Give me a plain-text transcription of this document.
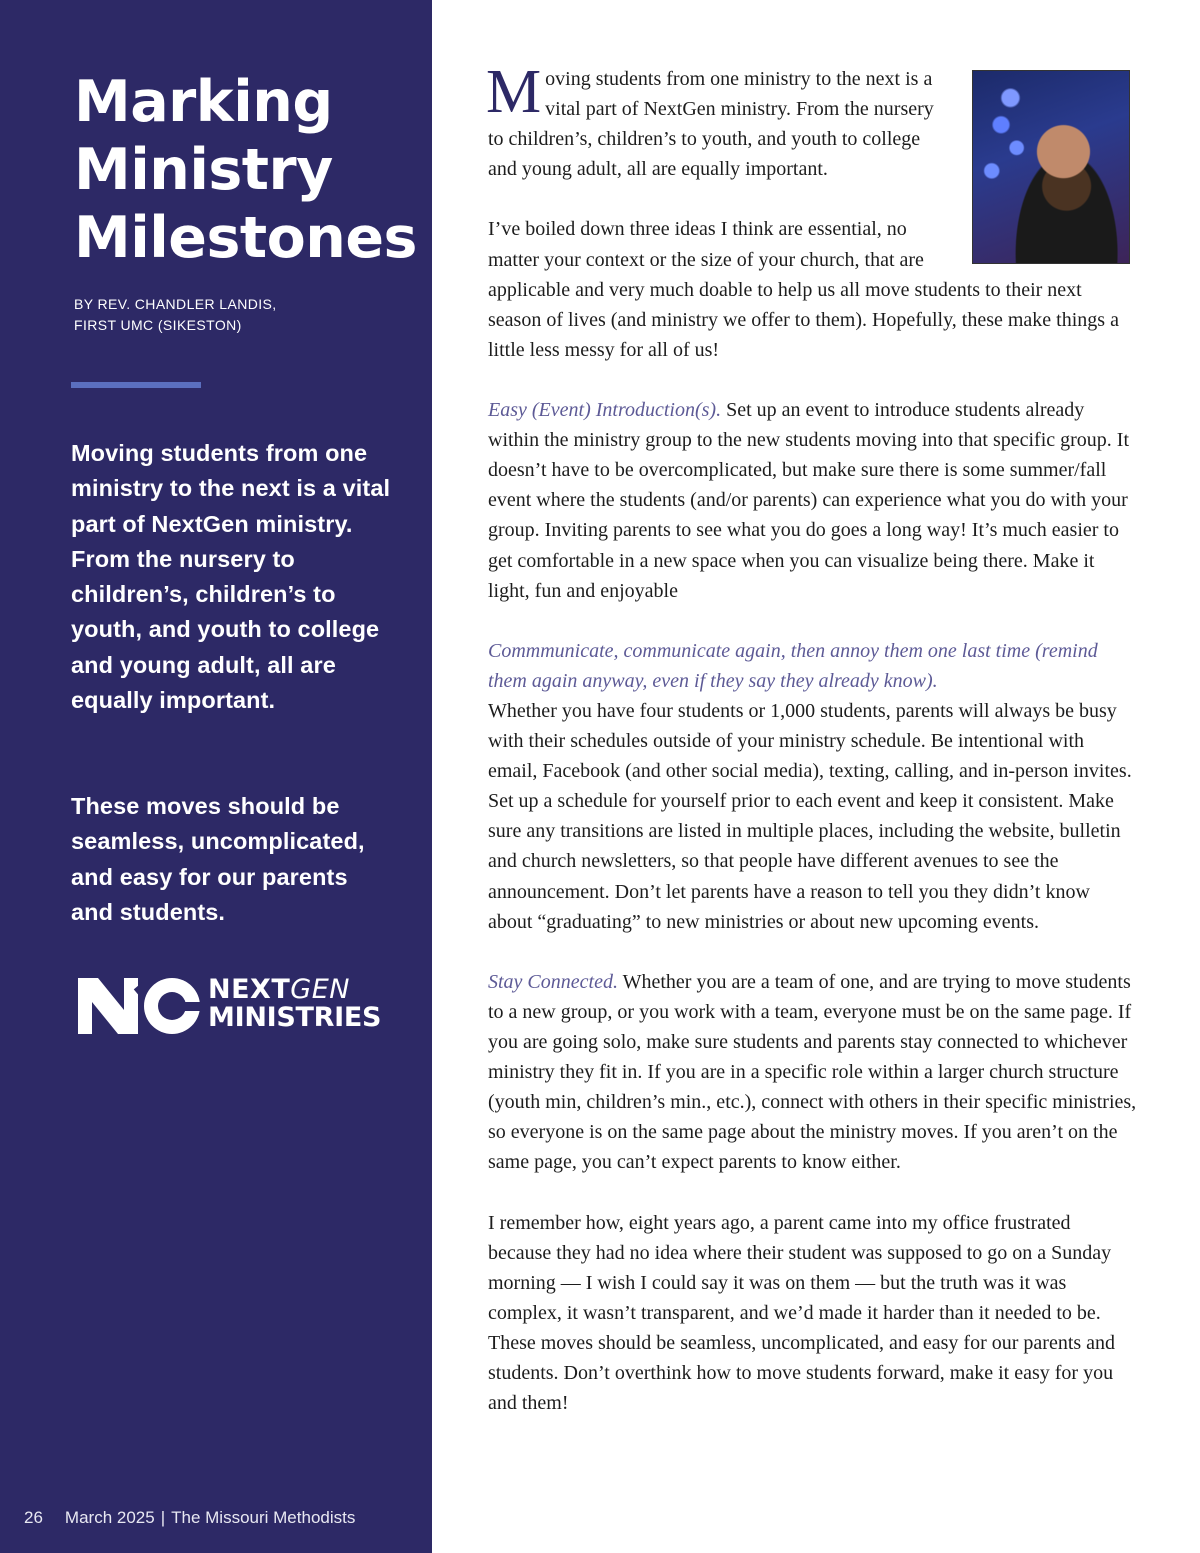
Marking
Ministry
Milestones
BY REV. CHANDLER LANDIS,
FIRST UMC (SIKESTON)
Moving students from one ministry to the next is a vital part of NextGen ministry. From the nursery to children’s, children’s to youth, and youth to college and young adult, all are equally important.
These moves should be seamless, uncomplicated, and easy for our parents and students.
NEXTGEN
MINISTRIES
26 March 2025 | The Missouri Methodists

Moving students from one ministry to the next is a vital part of NextGen ministry. From the nursery to children’s, children’s to youth, and youth to college and young adult, all are equally important.

I’ve boiled down three ideas I think are essential, no matter your context or the size of your church, that are applicable and very much doable to help us all move students to their next season of lives (and ministry we offer to them). Hopefully, these make things a little less messy for all of us!

Easy (Event) Introduction(s). Set up an event to introduce students already within the ministry group to the new students moving into that specific group. It doesn’t have to be overcomplicated, but make sure there is some summer/fall event where the students (and/or parents) can experience what you do with your group. Inviting parents to see what you do goes a long way! It’s much easier to get comfortable in a new space when you can visualize being there. Make it light, fun and enjoyable

Commmunicate, communicate again, then annoy them one last time (remind them again anyway, even if they say they already know).
Whether you have four students or 1,000 students, parents will always be busy with their schedules outside of your ministry schedule. Be intentional with email, Facebook (and other social media), texting, calling, and in-person invites. Set up a schedule for yourself prior to each event and keep it consistent. Make sure any transitions are listed in multiple places, including the website, bulletin and church newsletters, so that people have different avenues to see the announcement. Don’t let parents have a reason to tell you they didn’t know about “graduating” to new ministries or about new upcoming events.

Stay Connected. Whether you are a team of one, and are trying to move students to a new group, or you work with a team, everyone must be on the same page. If you are going solo, make sure students and parents stay connected to whichever ministry they fit in. If you are in a specific role within a larger church structure (youth min, children’s min., etc.), connect with others in their specific ministries, so everyone is on the same page about the ministry moves. If you aren’t on the same page, you can’t expect parents to know either.

I remember how, eight years ago, a parent came into my office frustrated because they had no idea where their student was supposed to go on a Sunday morning — I wish I could say it was on them — but the truth was it was complex, it wasn’t transparent, and we’d made it harder than it needed to be. These moves should be seamless, uncomplicated, and easy for our parents and students. Don’t overthink how to move students forward, make it easy for you and them!
